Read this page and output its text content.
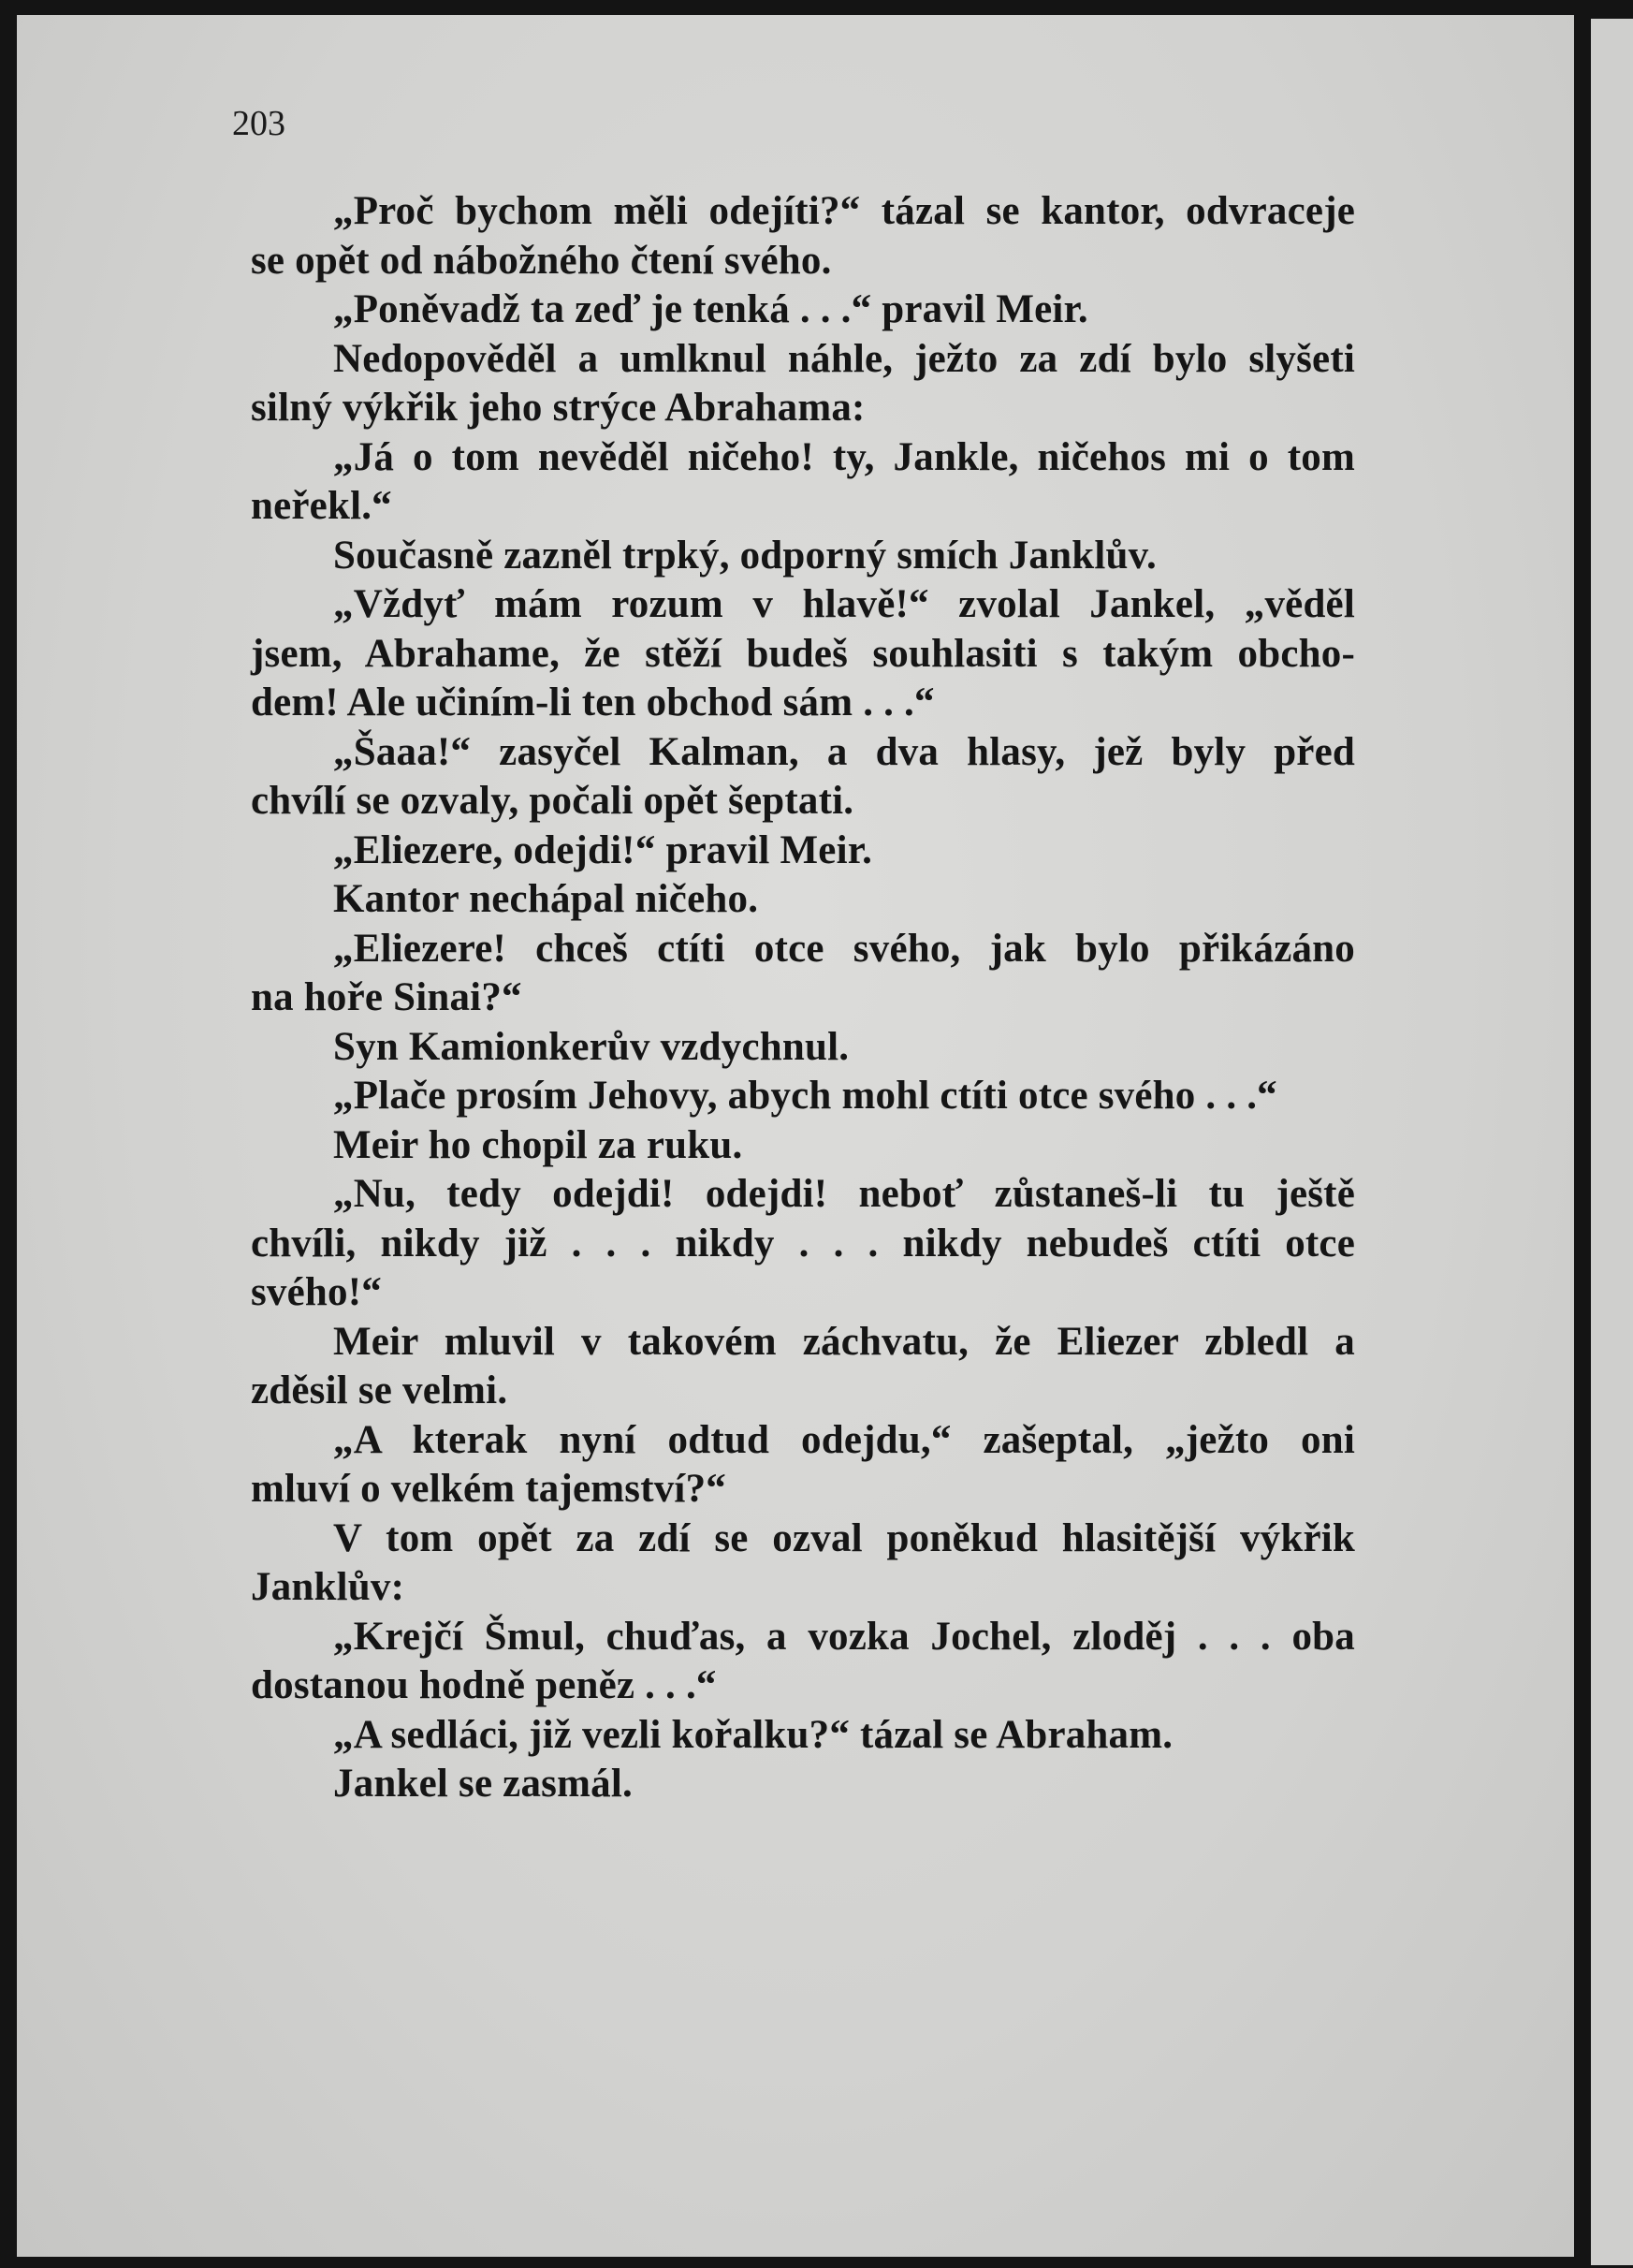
203
„Proč bychom měli odejíti?“ tázal se kantor, odvraceje
se opět od nábožného čtení svého.
„Poněvadž ta zeď je tenká . . .“ pravil Meir.
Nedopověděl a umlknul náhle, ježto za zdí bylo slyšeti
silný výkřik jeho strýce Abrahama:
„Já o tom nevěděl ničeho! ty, Jankle, ničehos mi o tom
neřekl.“
Současně zazněl trpký, odporný smích Janklův.
„Vždyť mám rozum v hlavě!“ zvolal Jankel, „věděl
jsem, Abrahame, že stěží budeš souhlasiti s takým obcho-
dem! Ale učiním-li ten obchod sám . . .“
„Šaaa!“ zasyčel Kalman, a dva hlasy, jež byly před
chvílí se ozvaly, počali opět šeptati.
„Eliezere, odejdi!“ pravil Meir.
Kantor nechápal ničeho.
„Eliezere! chceš ctíti otce svého, jak bylo přikázáno
na hoře Sinai?“
Syn Kamionkerův vzdychnul.
„Plače prosím Jehovy, abych mohl ctíti otce svého . . .“
Meir ho chopil za ruku.
„Nu, tedy odejdi! odejdi! neboť zůstaneš-li tu ještě
chvíli, nikdy již . . . nikdy . . . nikdy nebudeš ctíti otce
svého!“
Meir mluvil v takovém záchvatu, že Eliezer zbledl a
zděsil se velmi.
„A kterak nyní odtud odejdu,“ zašeptal, „ježto oni
mluví o velkém tajemství?“
V tom opět za zdí se ozval poněkud hlasitější výkřik
Janklův:
„Krejčí Šmul, chuďas, a vozka Jochel, zloděj . . . oba
dostanou hodně peněz . . .“
„A sedláci, již vezli kořalku?“ tázal se Abraham.
Jankel se zasmál.
